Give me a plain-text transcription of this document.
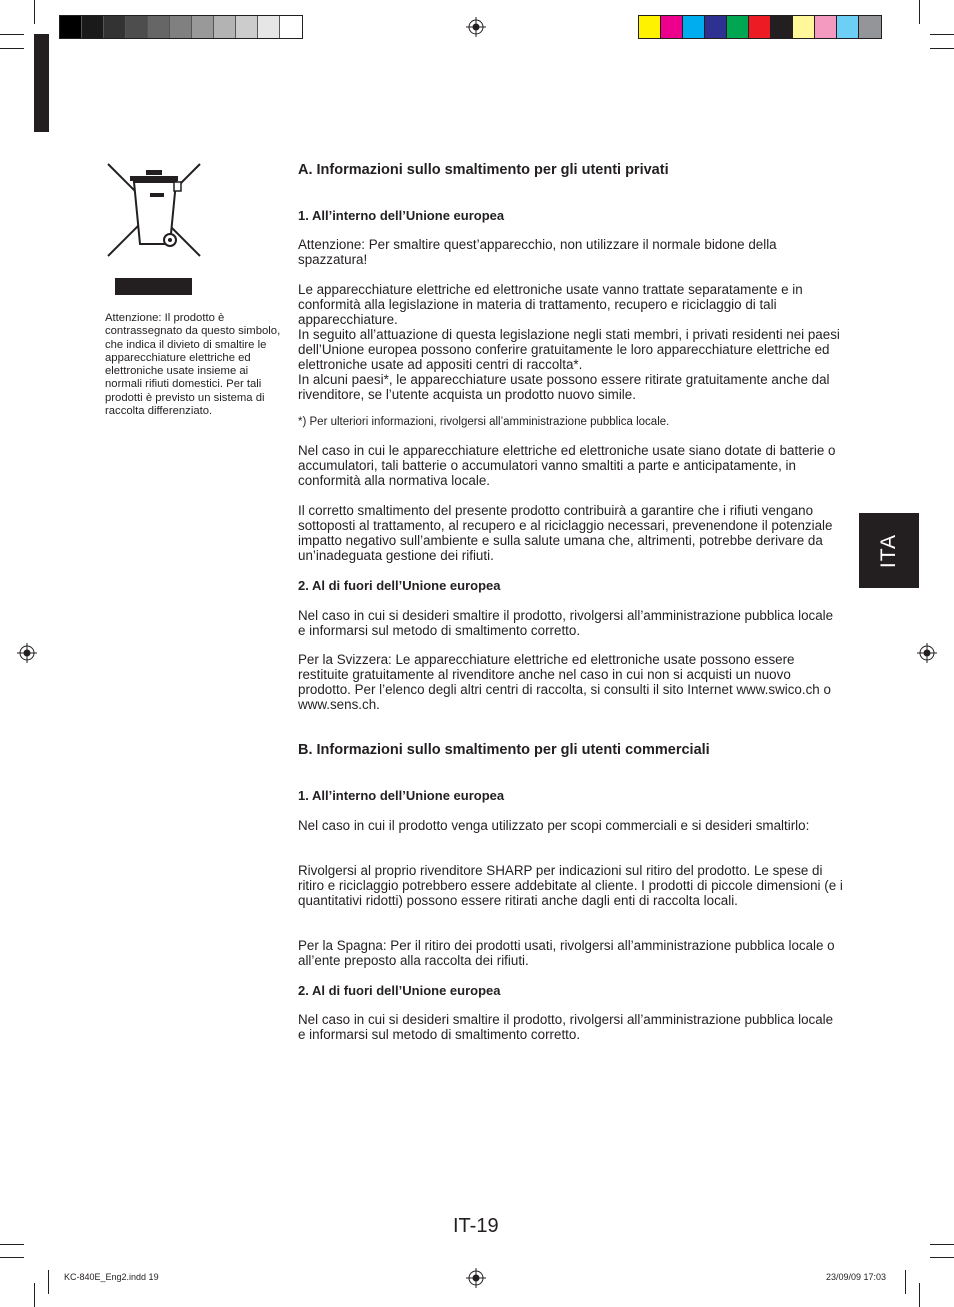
Attenzione: Il prodotto è contrassegnato da questo simbolo, che indica il divieto di smaltire le apparecchiature elettriche ed elettroniche usate insieme ai normali rifiuti domestici. Per tali prodotti è previsto un sistema di raccolta differenziato.
A. Informazioni sullo smaltimento per gli utenti privati
1. All’interno dell’Unione europea
Attenzione: Per smaltire quest’apparecchio, non utilizzare il normale bidone della spazzatura!
Le apparecchiature elettriche ed elettroniche usate vanno trattate separatamente e in conformità alla legislazione in materia di trattamento, recupero e riciclaggio di tali apparecchiature.
In seguito all’attuazione di questa legislazione negli stati membri, i privati residenti nei paesi dell’Unione europea possono conferire gratuitamente le loro apparecchiature elettriche ed elettroniche usate ad appositi centri di raccolta*.
In alcuni paesi*, le apparecchiature usate possono essere ritirate gratuitamente anche dal rivenditore, se l’utente acquista un prodotto nuovo simile.
*) Per ulteriori informazioni, rivolgersi all’amministrazione pubblica locale.
Nel caso in cui le apparecchiature elettriche ed elettroniche usate siano dotate di batterie o accumulatori, tali batterie o accumulatori vanno smaltiti a parte e anticipatamente, in conformità alla normativa locale.
Il corretto smaltimento del presente prodotto contribuirà a garantire che i rifiuti vengano sottoposti al trattamento, al recupero e al riciclaggio necessari, prevenendone il potenziale impatto negativo sull’ambiente e sulla salute umana che, altrimenti, potrebbe derivare da un’inadeguata gestione dei rifiuti.
2. Al di fuori dell’Unione europea
Nel caso in cui si desideri smaltire il prodotto, rivolgersi all’amministrazione pubblica locale e informarsi sul metodo di smaltimento corretto.
Per la Svizzera: Le apparecchiature elettriche ed elettroniche usate possono essere restituite gratuitamente al rivenditore anche nel caso in cui non si acquisti un nuovo prodotto. Per l’elenco degli altri centri di raccolta, si consulti il sito Internet www.swico.ch o www.sens.ch.
B. Informazioni sullo smaltimento per gli utenti commerciali
1. All’interno dell’Unione europea
Nel caso in cui il prodotto venga utilizzato per scopi commerciali e si desideri smaltirlo:
Rivolgersi al proprio rivenditore SHARP per indicazioni sul ritiro del prodotto. Le spese di ritiro e riciclaggio potrebbero essere addebitate al cliente. I prodotti di piccole dimensioni (e i quantitativi ridotti) possono essere ritirati anche dagli enti di raccolta locali.
Per la Spagna: Per il ritiro dei prodotti usati, rivolgersi all’amministrazione pubblica locale o all’ente preposto alla raccolta dei rifiuti.
2. Al di fuori dell’Unione europea
Nel caso in cui si desideri smaltire il prodotto, rivolgersi all’amministrazione pubblica locale e informarsi sul metodo di smaltimento corretto.
ITA
IT-19
KC-840E_Eng2.indd 19	23/09/09 17:03
